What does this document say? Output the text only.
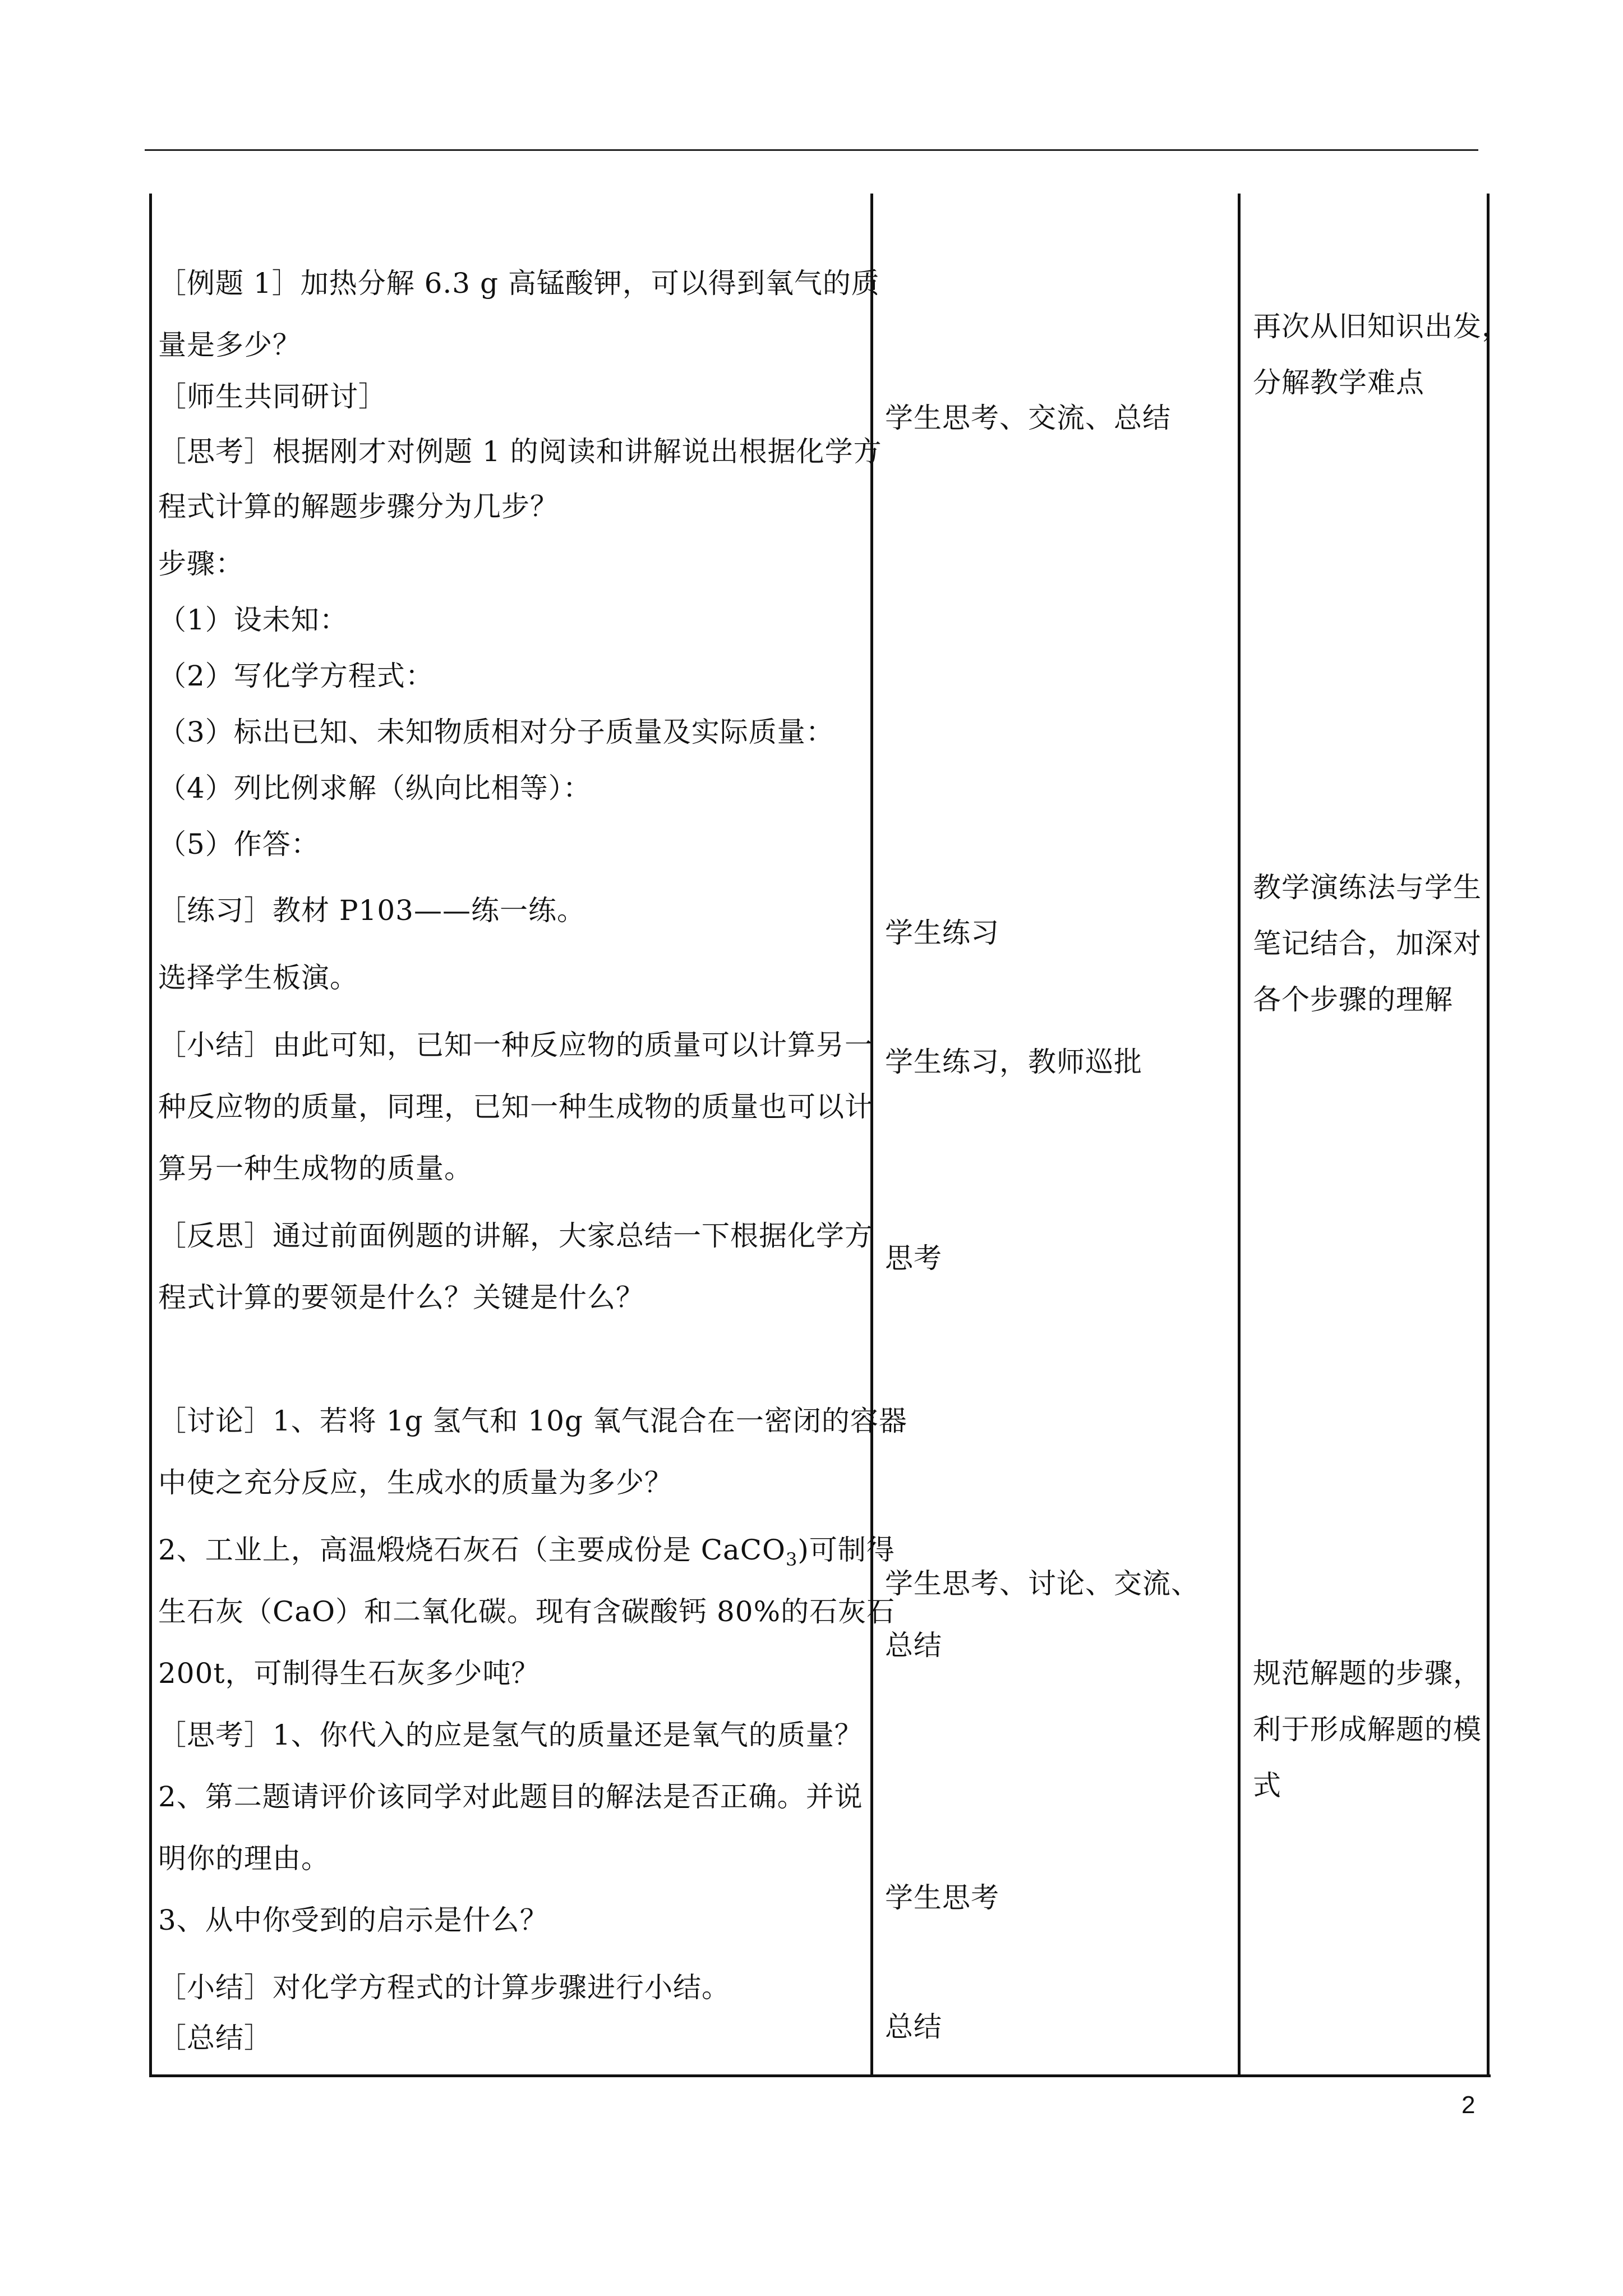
［例题 1］加热分解 6.3 g 高锰酸钾，可以得到氧气的质
量是多少？
［师生共同研讨］
［思考］根据刚才对例题 1 的阅读和讲解说出根据化学方
程式计算的解题步骤分为几步？
步骤：
（1）设未知：
（2）写化学方程式：
（3）标出已知、未知物质相对分子质量及实际质量：
（4）列比例求解（纵向比相等）：
（5）作答：
［练习］教材 P103——练一练。
选择学生板演。
［小结］由此可知，已知一种反应物的质量可以计算另一
种反应物的质量，同理，已知一种生成物的质量也可以计
算另一种生成物的质量。
［反思］通过前面例题的讲解，大家总结一下根据化学方
程式计算的要领是什么？关键是什么？
［讨论］1、若将 1g 氢气和 10g 氧气混合在一密闭的容器
中使之充分反应，生成水的质量为多少？
2、工业上，高温煅烧石灰石（主要成份是 CaCO$_3$)可制得
生石灰（CaO）和二氧化碳。现有含碳酸钙 80%的石灰石
200t，可制得生石灰多少吨？
［思考］1、你代入的应是氢气的质量还是氧气的质量？
2、第二题请评价该同学对此题目的解法是否正确。并说
明你的理由。
3、从中你受到的启示是什么？
［小结］对化学方程式的计算步骤进行小结。
［总结］
学生思考、交流、总结
学生练习
学生练习，教师巡批
思考
学生思考、讨论、交流、
总结
学生思考
总结
再次从旧知识出发，
分解教学难点
教学演练法与学生
笔记结合，加深对
各个步骤的理解
规范解题的步骤，
利于形成解题的模
式
2
